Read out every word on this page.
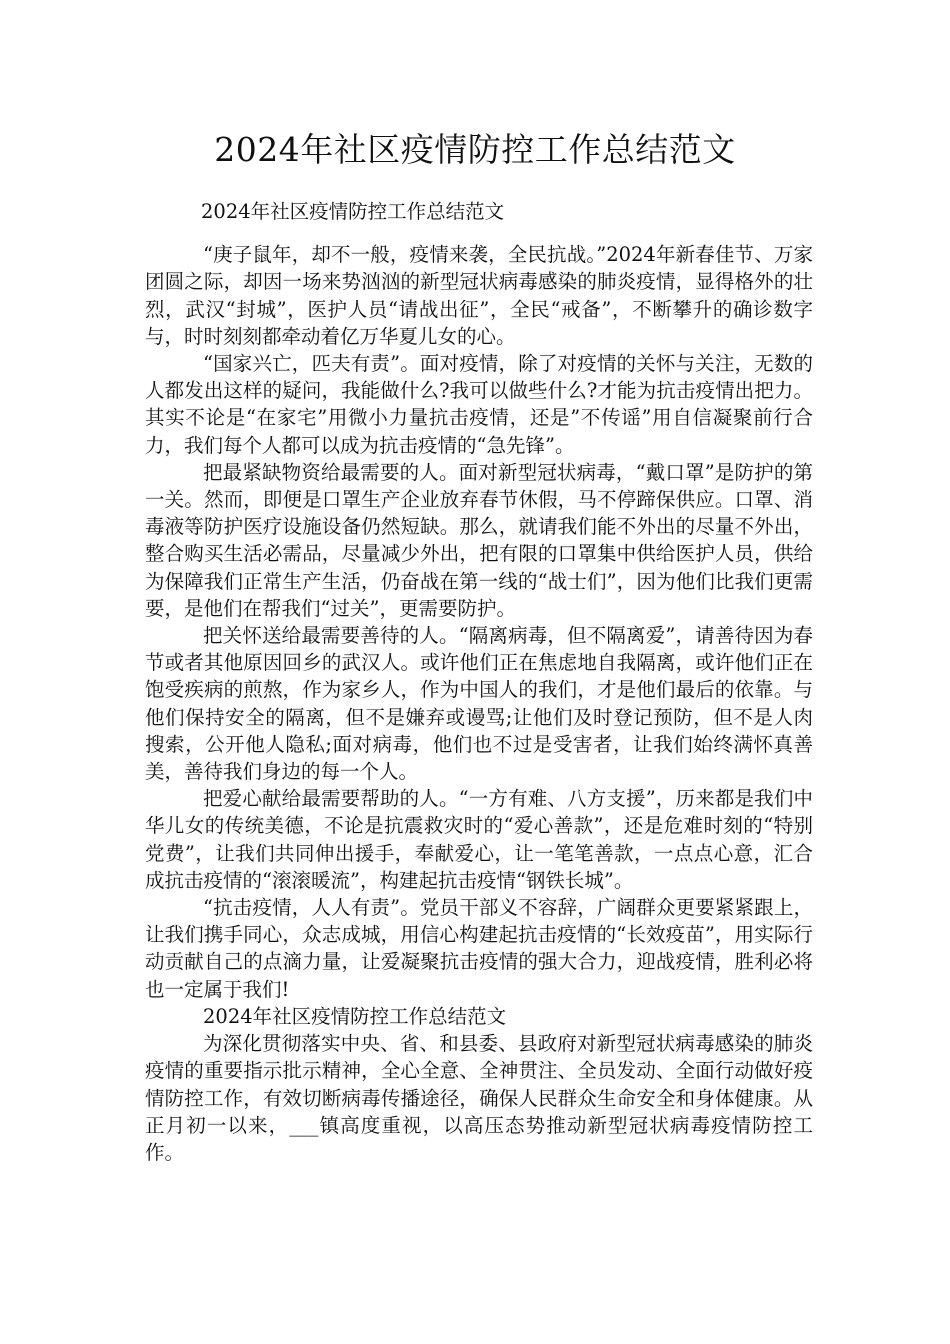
2024年社区疫情防控工作总结范文

2024年社区疫情防控工作总结范文

“庚子鼠年，却不一般，疫情来袭，全民抗战。”2024年新春佳节、万家团圆之际，却因一场来势汹汹的新型冠状病毒感染的肺炎疫情，显得格外的壮烈，武汉“封城”，医护人员“请战出征”，全民“戒备”，不断攀升的确诊数字与，时时刻刻都牵动着亿万华夏儿女的心。

“国家兴亡，匹夫有责”。面对疫情，除了对疫情的关怀与关注，无数的人都发出这样的疑问，我能做什么?我可以做些什么?才能为抗击疫情出把力。其实不论是“在家宅”用微小力量抗击疫情，还是”不传谣”用自信凝聚前行合力，我们每个人都可以成为抗击疫情的“急先锋”。

把最紧缺物资给最需要的人。面对新型冠状病毒，“戴口罩”是防护的第一关。然而，即便是口罩生产企业放弃春节休假，马不停蹄保供应。口罩、消毒液等防护医疗设施设备仍然短缺。那么，就请我们能不外出的尽量不外出，整合购买生活必需品，尽量减少外出，把有限的口罩集中供给医护人员，供给为保障我们正常生产生活，仍奋战在第一线的“战士们”，因为他们比我们更需要，是他们在帮我们“过关”，更需要防护。

把关怀送给最需要善待的人。“隔离病毒，但不隔离爱”，请善待因为春节或者其他原因回乡的武汉人。或许他们正在焦虑地自我隔离，或许他们正在饱受疾病的煎熬，作为家乡人，作为中国人的我们，才是他们最后的依靠。与他们保持安全的隔离，但不是嫌弃或谩骂;让他们及时登记预防，但不是人肉搜索，公开他人隐私;面对病毒，他们也不过是受害者，让我们始终满怀真善美，善待我们身边的每一个人。

把爱心献给最需要帮助的人。“一方有难、八方支援”，历来都是我们中华儿女的传统美德，不论是抗震救灾时的“爱心善款”，还是危难时刻的“特别党费”，让我们共同伸出援手，奉献爱心，让一笔笔善款，一点点心意，汇合成抗击疫情的“滚滚暖流”，构建起抗击疫情“钢铁长城”。

“抗击疫情，人人有责”。党员干部义不容辞，广阔群众更要紧紧跟上，让我们携手同心，众志成城，用信心构建起抗击疫情的“长效疫苗”，用实际行动贡献自己的点滴力量，让爱凝聚抗击疫情的强大合力，迎战疫情，胜利必将也一定属于我们!

2024年社区疫情防控工作总结范文

为深化贯彻落实中央、省、和县委、县政府对新型冠状病毒感染的肺炎疫情的重要指示批示精神，全心全意、全神贯注、全员发动、全面行动做好疫情防控工作，有效切断病毒传播途径，确保人民群众生命安全和身体健康。从正月初一以来，___镇高度重视，以高压态势推动新型冠状病毒疫情防控工作。
